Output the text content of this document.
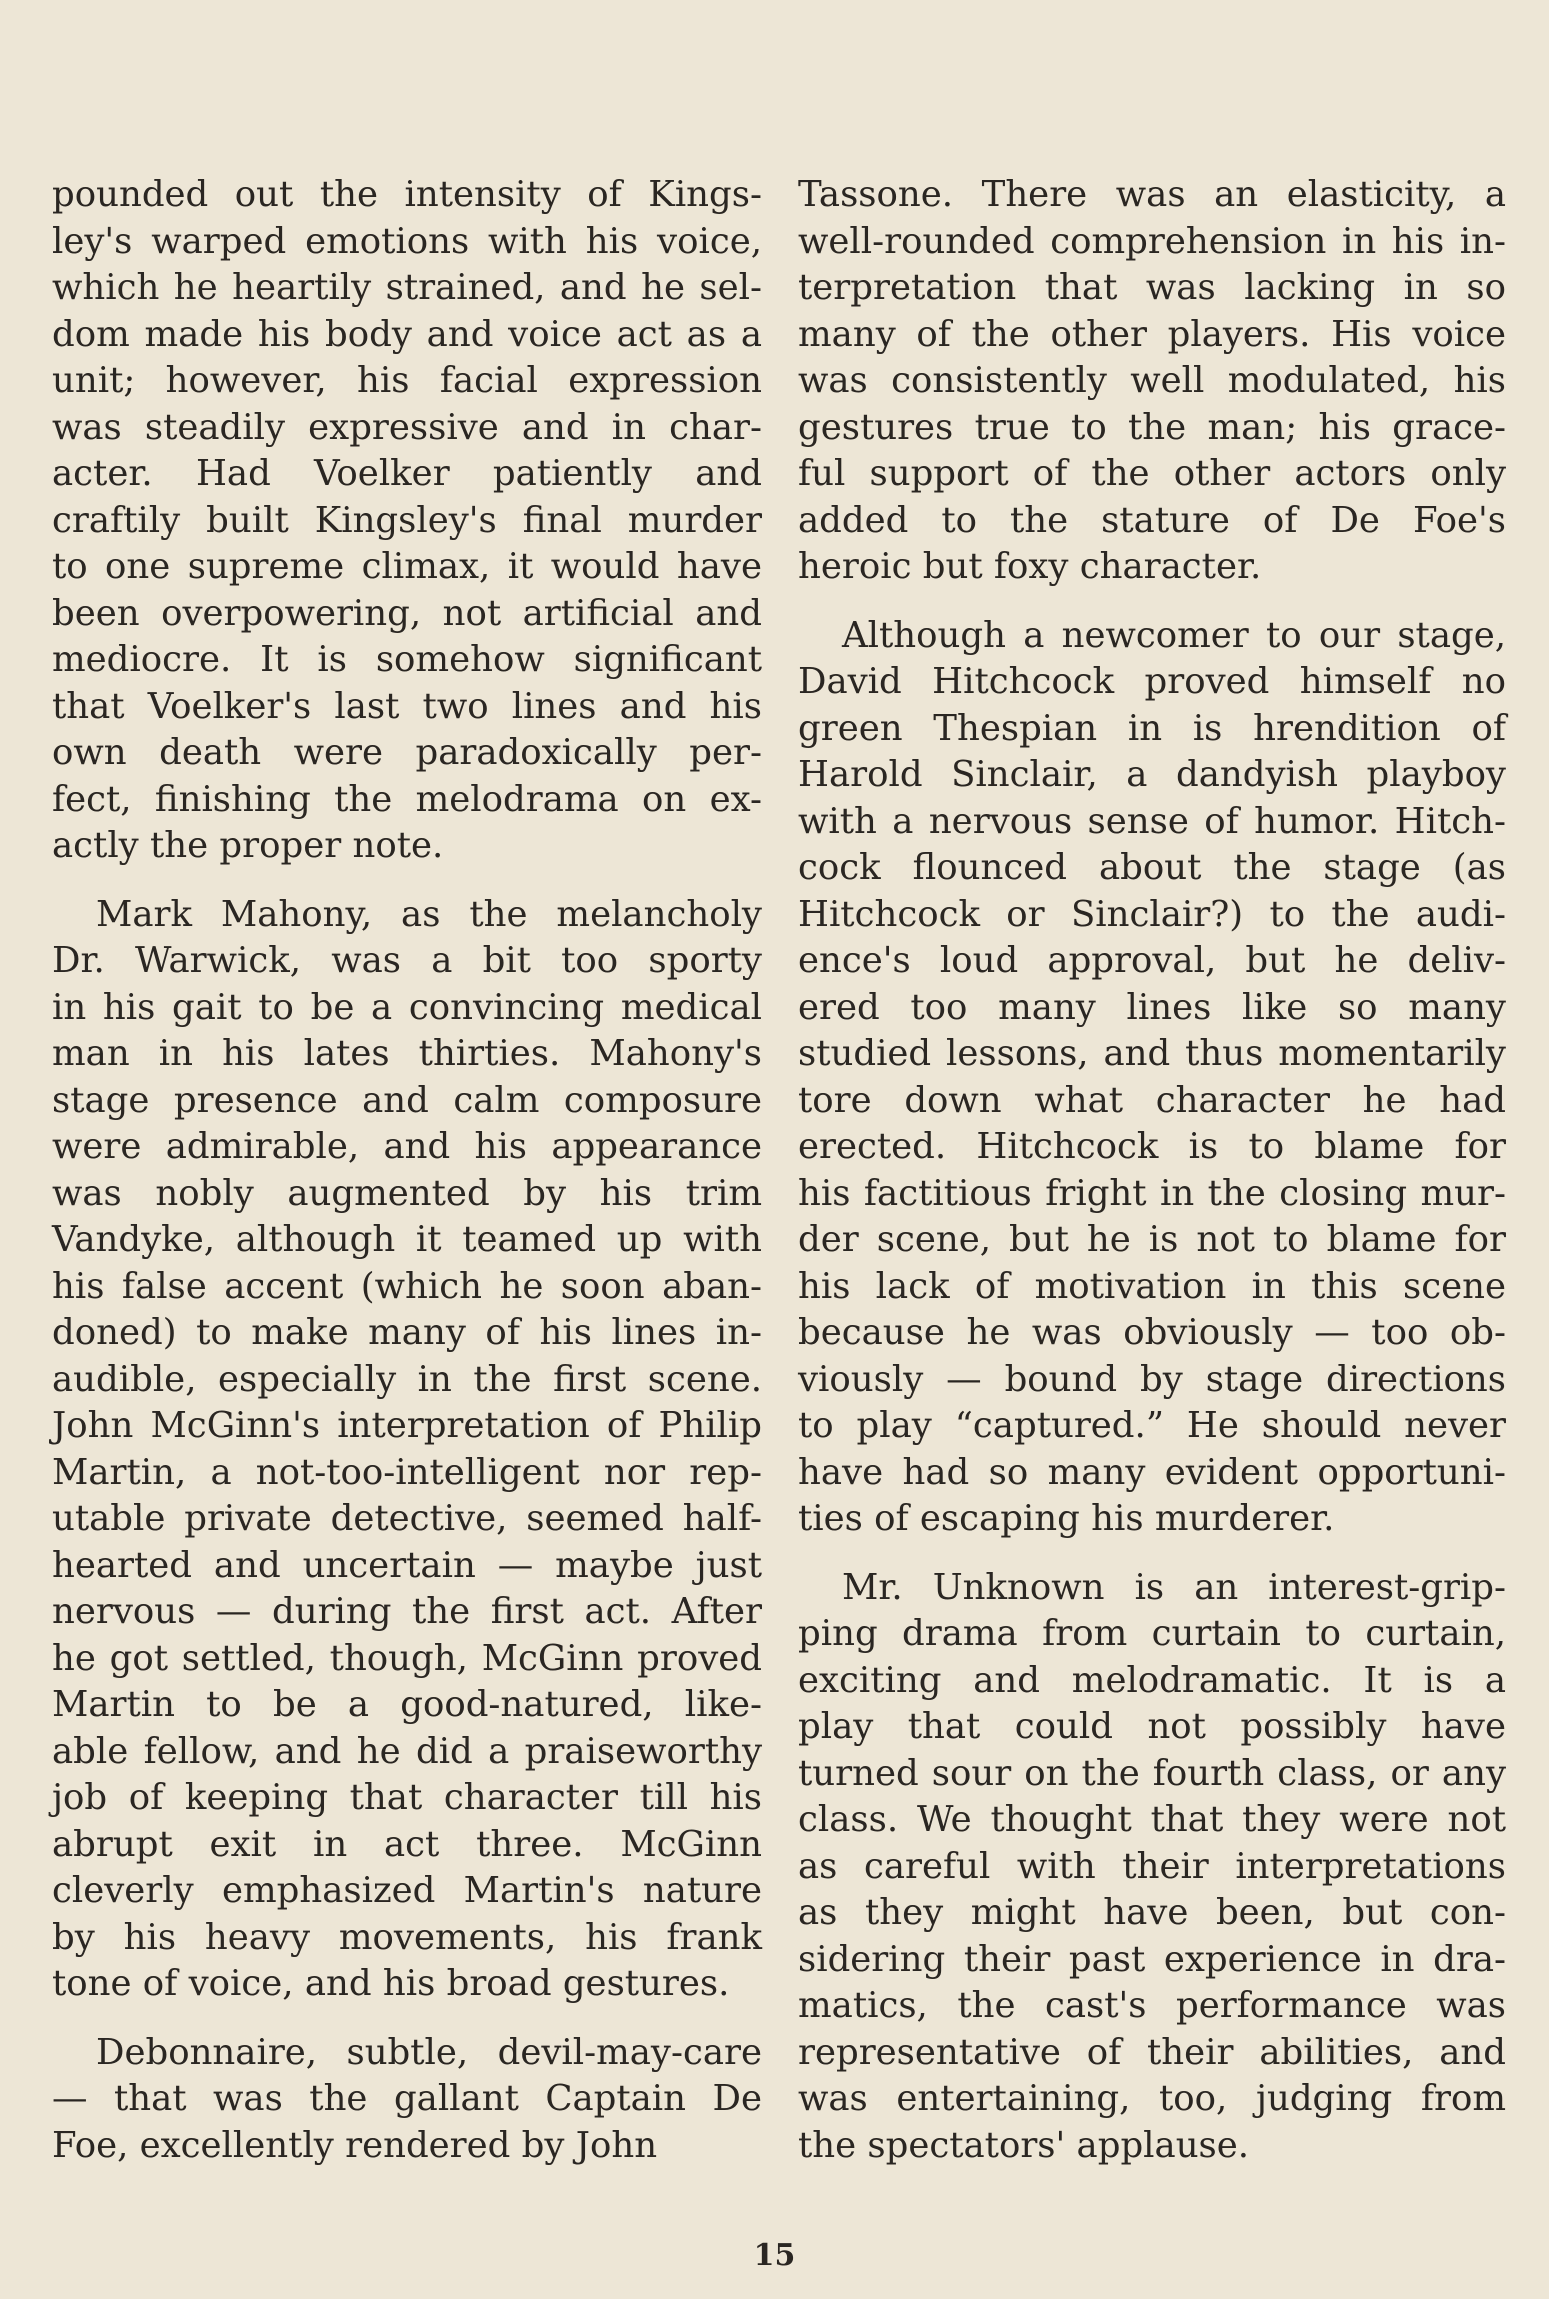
pounded out the intensity of Kings-
ley's warped emotions with his voice,
which he heartily strained, and he sel-
dom made his body and voice act as a
unit; however, his facial expression
was steadily expressive and in char-
acter. Had Voelker patiently and
craftily built Kingsley's final murder
to one supreme climax, it would have
been overpowering, not artificial and
mediocre. It is somehow significant
that Voelker's last two lines and his
own death were paradoxically per-
fect, finishing the melodrama on ex-
actly the proper note.

Mark Mahony, as the melancholy
Dr. Warwick, was a bit too sporty
in his gait to be a convincing medical
man in his lates thirties. Mahony's
stage presence and calm composure
were admirable, and his appearance
was nobly augmented by his trim
Vandyke, although it teamed up with
his false accent (which he soon aban-
doned) to make many of his lines in-
audible, especially in the first scene.
John McGinn's interpretation of Philip
Martin, a not-too-intelligent nor rep-
utable private detective, seemed half-
hearted and uncertain — maybe just
nervous — during the first act. After
he got settled, though, McGinn proved
Martin to be a good-natured, like-
able fellow, and he did a praiseworthy
job of keeping that character till his
abrupt exit in act three. McGinn
cleverly emphasized Martin's nature
by his heavy movements, his frank
tone of voice, and his broad gestures.

Debonnaire, subtle, devil-may-care
— that was the gallant Captain De
Foe, excellently rendered by John

Tassone. There was an elasticity, a
well-rounded comprehension in his in-
terpretation that was lacking in so
many of the other players. His voice
was consistently well modulated, his
gestures true to the man; his grace-
ful support of the other actors only
added to the stature of De Foe's
heroic but foxy character.

Although a newcomer to our stage,
David Hitchcock proved himself no
green Thespian in is hrendition of
Harold Sinclair, a dandyish playboy
with a nervous sense of humor. Hitch-
cock flounced about the stage (as
Hitchcock or Sinclair?) to the audi-
ence's loud approval, but he deliv-
ered too many lines like so many
studied lessons, and thus momentarily
tore down what character he had
erected. Hitchcock is to blame for
his factitious fright in the closing mur-
der scene, but he is not to blame for
his lack of motivation in this scene
because he was obviously — too ob-
viously — bound by stage directions
to play “captured.” He should never
have had so many evident opportuni-
ties of escaping his murderer.

Mr. Unknown is an interest-grip-
ping drama from curtain to curtain,
exciting and melodramatic. It is a
play that could not possibly have
turned sour on the fourth class, or any
class. We thought that they were not
as careful with their interpretations
as they might have been, but con-
sidering their past experience in dra-
matics, the cast's performance was
representative of their abilities, and
was entertaining, too, judging from
the spectators' applause.

15
